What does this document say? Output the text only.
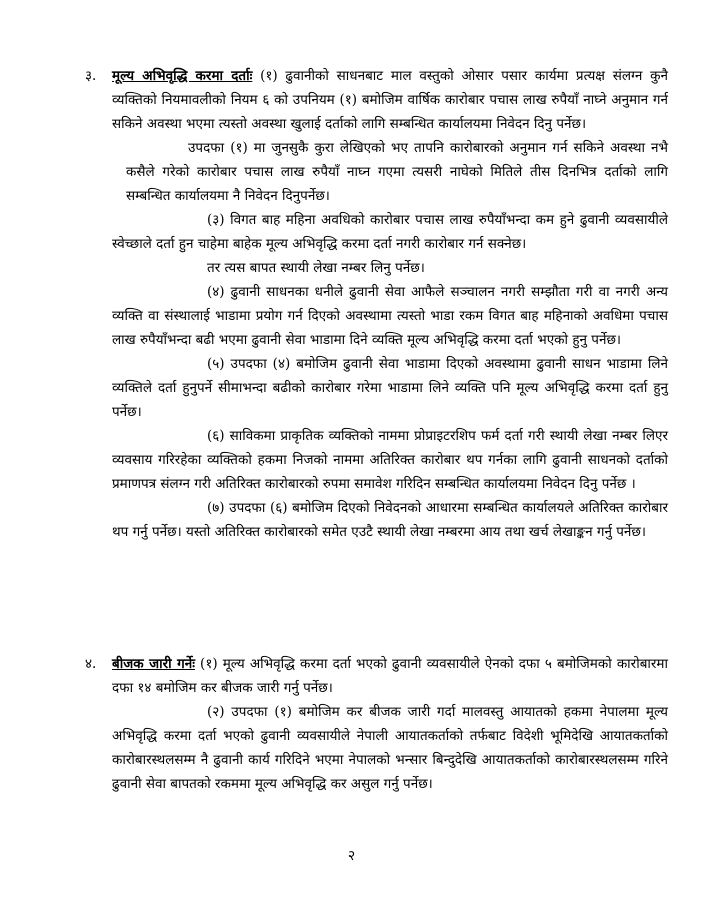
३. मूल्य अभिवृद्धि करमा दर्ताः (१) ढुवानीको साधनबाट माल वस्तुको ओसार पसार कार्यमा प्रत्यक्ष संलग्न कुनै व्यक्तिको नियमावलीको नियम ६ को उपनियम (१) बमोजिम वार्षिक कारोबार पचास लाख रुपैयाँ नाघ्ने अनुमान गर्न सकिने अवस्था भएमा त्यस्तो अवस्था खुलाई दर्ताको लागि सम्बन्धित कार्यालयमा निवेदन दिनु पर्नेछ।

उपदफा (१) मा जुनसुकै कुरा लेखिएको भए तापनि कारोबारको अनुमान गर्न सकिने अवस्था नभै कसैले गरेको कारोबार पचास लाख रुपैयाँ नाघ्न गएमा त्यसरी नाघेको मितिले तीस दिनभित्र दर्ताको लागि सम्बन्धित कार्यालयमा नै निवेदन दिनुपर्नेछ।

(३) विगत बाह महिना अवधिको कारोबार पचास लाख रुपैयाँभन्दा कम हुने ढुवानी व्यवसायीले स्वेच्छाले दर्ता हुन चाहेमा बाहेक मूल्य अभिवृद्धि करमा दर्ता नगरी कारोबार गर्न सक्नेछ।

तर त्यस बापत स्थायी लेखा नम्बर लिनु पर्नेछ।

(४) ढुवानी साधनका धनीले ढुवानी सेवा आफैले सञ्चालन नगरी सम्झौता गरी वा नगरी अन्य व्यक्ति वा संस्थालाई भाडामा प्रयोग गर्न दिएको अवस्थामा त्यस्तो भाडा रकम विगत बाह महिनाको अवधिमा पचास लाख रुपैयाँभन्दा बढी भएमा ढुवानी सेवा भाडामा दिने व्यक्ति मूल्य अभिवृद्धि करमा दर्ता भएको हुनु पर्नेछ।

(५) उपदफा (४) बमोजिम ढुवानी सेवा भाडामा दिएको अवस्थामा ढुवानी साधन भाडामा लिने व्यक्तिले दर्ता हुनुपर्ने सीमाभन्दा बढीको कारोबार गरेमा भाडामा लिने व्यक्ति पनि मूल्य अभिवृद्धि करमा दर्ता हुनु पर्नेछ।

(६) साविकमा प्राकृतिक व्यक्तिको नाममा प्रोप्राइटरशिप फर्म दर्ता गरी स्थायी लेखा नम्बर लिएर व्यवसाय गरिरहेका व्यक्तिको हकमा निजको नाममा अतिरिक्त कारोबार थप गर्नका लागि ढुवानी साधनको दर्ताको प्रमाणपत्र संलग्न गरी अतिरिक्त कारोबारको रुपमा समावेश गरिदिन सम्बन्धित कार्यालयमा निवेदन दिनु पर्नेछ ।

(७) उपदफा (६) बमोजिम दिएको निवेदनको आधारमा सम्बन्धित कार्यालयले अतिरिक्त कारोबार थप गर्नु पर्नेछ। यस्तो अतिरिक्त कारोबारको समेत एउटै स्थायी लेखा नम्बरमा आय तथा खर्च लेखाङ्कन गर्नु पर्नेछ।

४. बीजक जारी गर्नेः (१) मूल्य अभिवृद्धि करमा दर्ता भएको ढुवानी व्यवसायीले ऐनको दफा ५ बमोजिमको कारोबारमा दफा १४ बमोजिम कर बीजक जारी गर्नु पर्नेछ।

(२) उपदफा (१) बमोजिम कर बीजक जारी गर्दा मालवस्तु आयातको हकमा नेपालमा मूल्य अभिवृद्धि करमा दर्ता भएको ढुवानी व्यवसायीले नेपाली आयातकर्ताको तर्फबाट विदेशी भूमिदेखि आयातकर्ताको कारोबारस्थलसम्म नै ढुवानी कार्य गरिदिने भएमा नेपालको भन्सार बिन्दुदेखि आयातकर्ताको कारोबारस्थलसम्म गरिने ढुवानी सेवा बापतको रकममा मूल्य अभिवृद्धि कर असुल गर्नु पर्नेछ।

२
